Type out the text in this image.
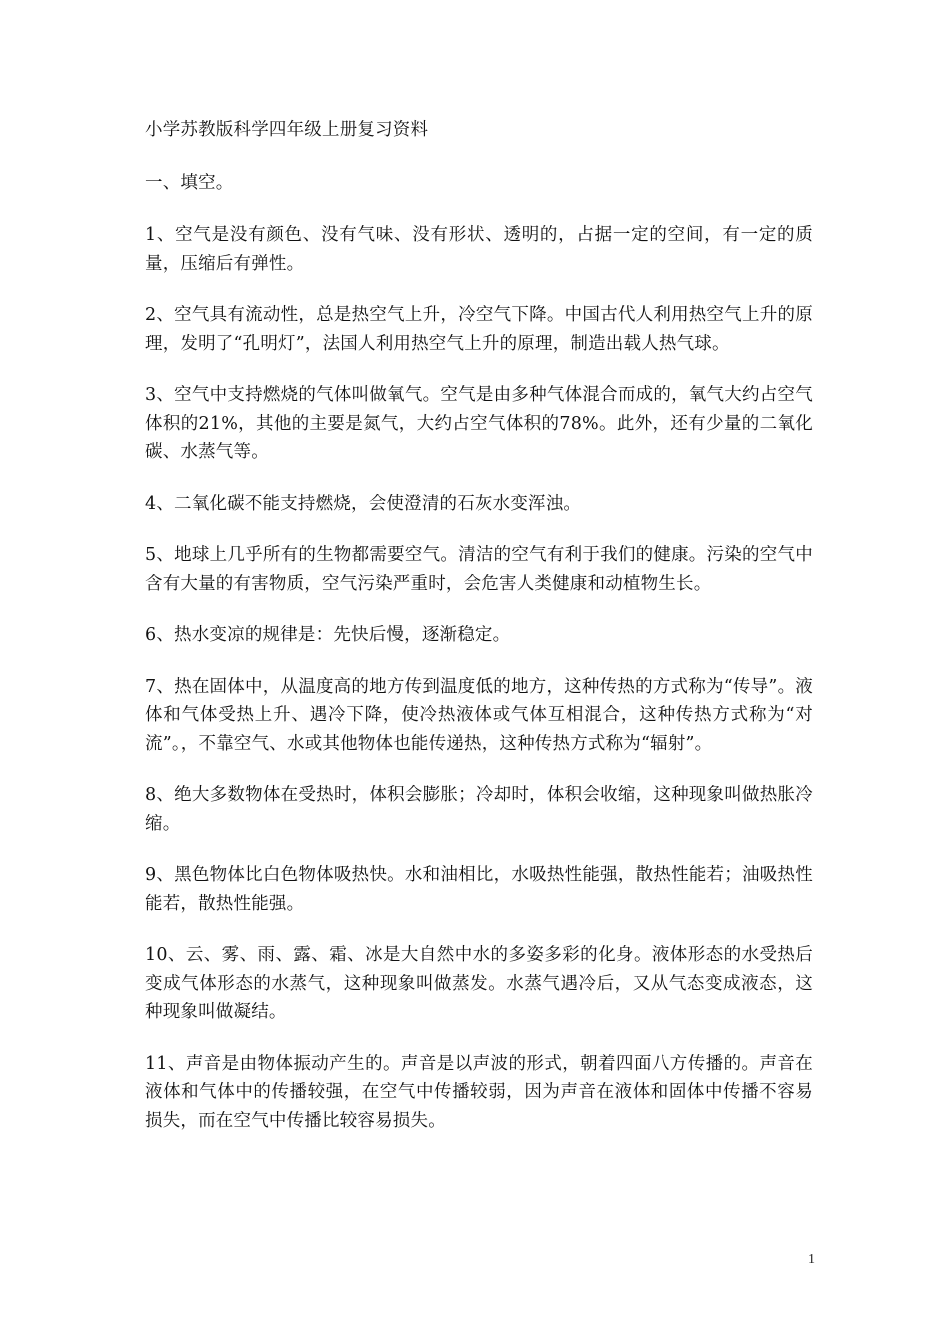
小学苏教版科学四年级上册复习资料

一、填空。

1、空气是没有颜色、没有气味、没有形状、透明的，占据一定的空间，有一定的质量，压缩后有弹性。

2、空气具有流动性，总是热空气上升，冷空气下降。中国古代人利用热空气上升的原理，发明了“孔明灯”，法国人利用热空气上升的原理，制造出载人热气球。

3、空气中支持燃烧的气体叫做氧气。空气是由多种气体混合而成的，氧气大约占空气体积的21%，其他的主要是氮气，大约占空气体积的78%。此外，还有少量的二氧化碳、水蒸气等。

4、二氧化碳不能支持燃烧，会使澄清的石灰水变浑浊。

5、地球上几乎所有的生物都需要空气。清洁的空气有利于我们的健康。污染的空气中含有大量的有害物质，空气污染严重时，会危害人类健康和动植物生长。

6、热水变凉的规律是：先快后慢，逐渐稳定。

7、热在固体中，从温度高的地方传到温度低的地方，这种传热的方式称为“传导”。液体和气体受热上升、遇冷下降，使冷热液体或气体互相混合，这种传热方式称为“对流”。，不靠空气、水或其他物体也能传递热，这种传热方式称为“辐射”。

8、绝大多数物体在受热时，体积会膨胀；冷却时，体积会收缩，这种现象叫做热胀冷缩。

9、黑色物体比白色物体吸热快。水和油相比，水吸热性能强，散热性能若；油吸热性能若，散热性能强。

10、云、雾、雨、露、霜、冰是大自然中水的多姿多彩的化身。液体形态的水受热后变成气体形态的水蒸气，这种现象叫做蒸发。水蒸气遇冷后，又从气态变成液态，这种现象叫做凝结。

11、声音是由物体振动产生的。声音是以声波的形式，朝着四面八方传播的。声音在液体和气体中的传播较强，在空气中传播较弱，因为声音在液体和固体中传播不容易损失，而在空气中传播比较容易损失。

1
